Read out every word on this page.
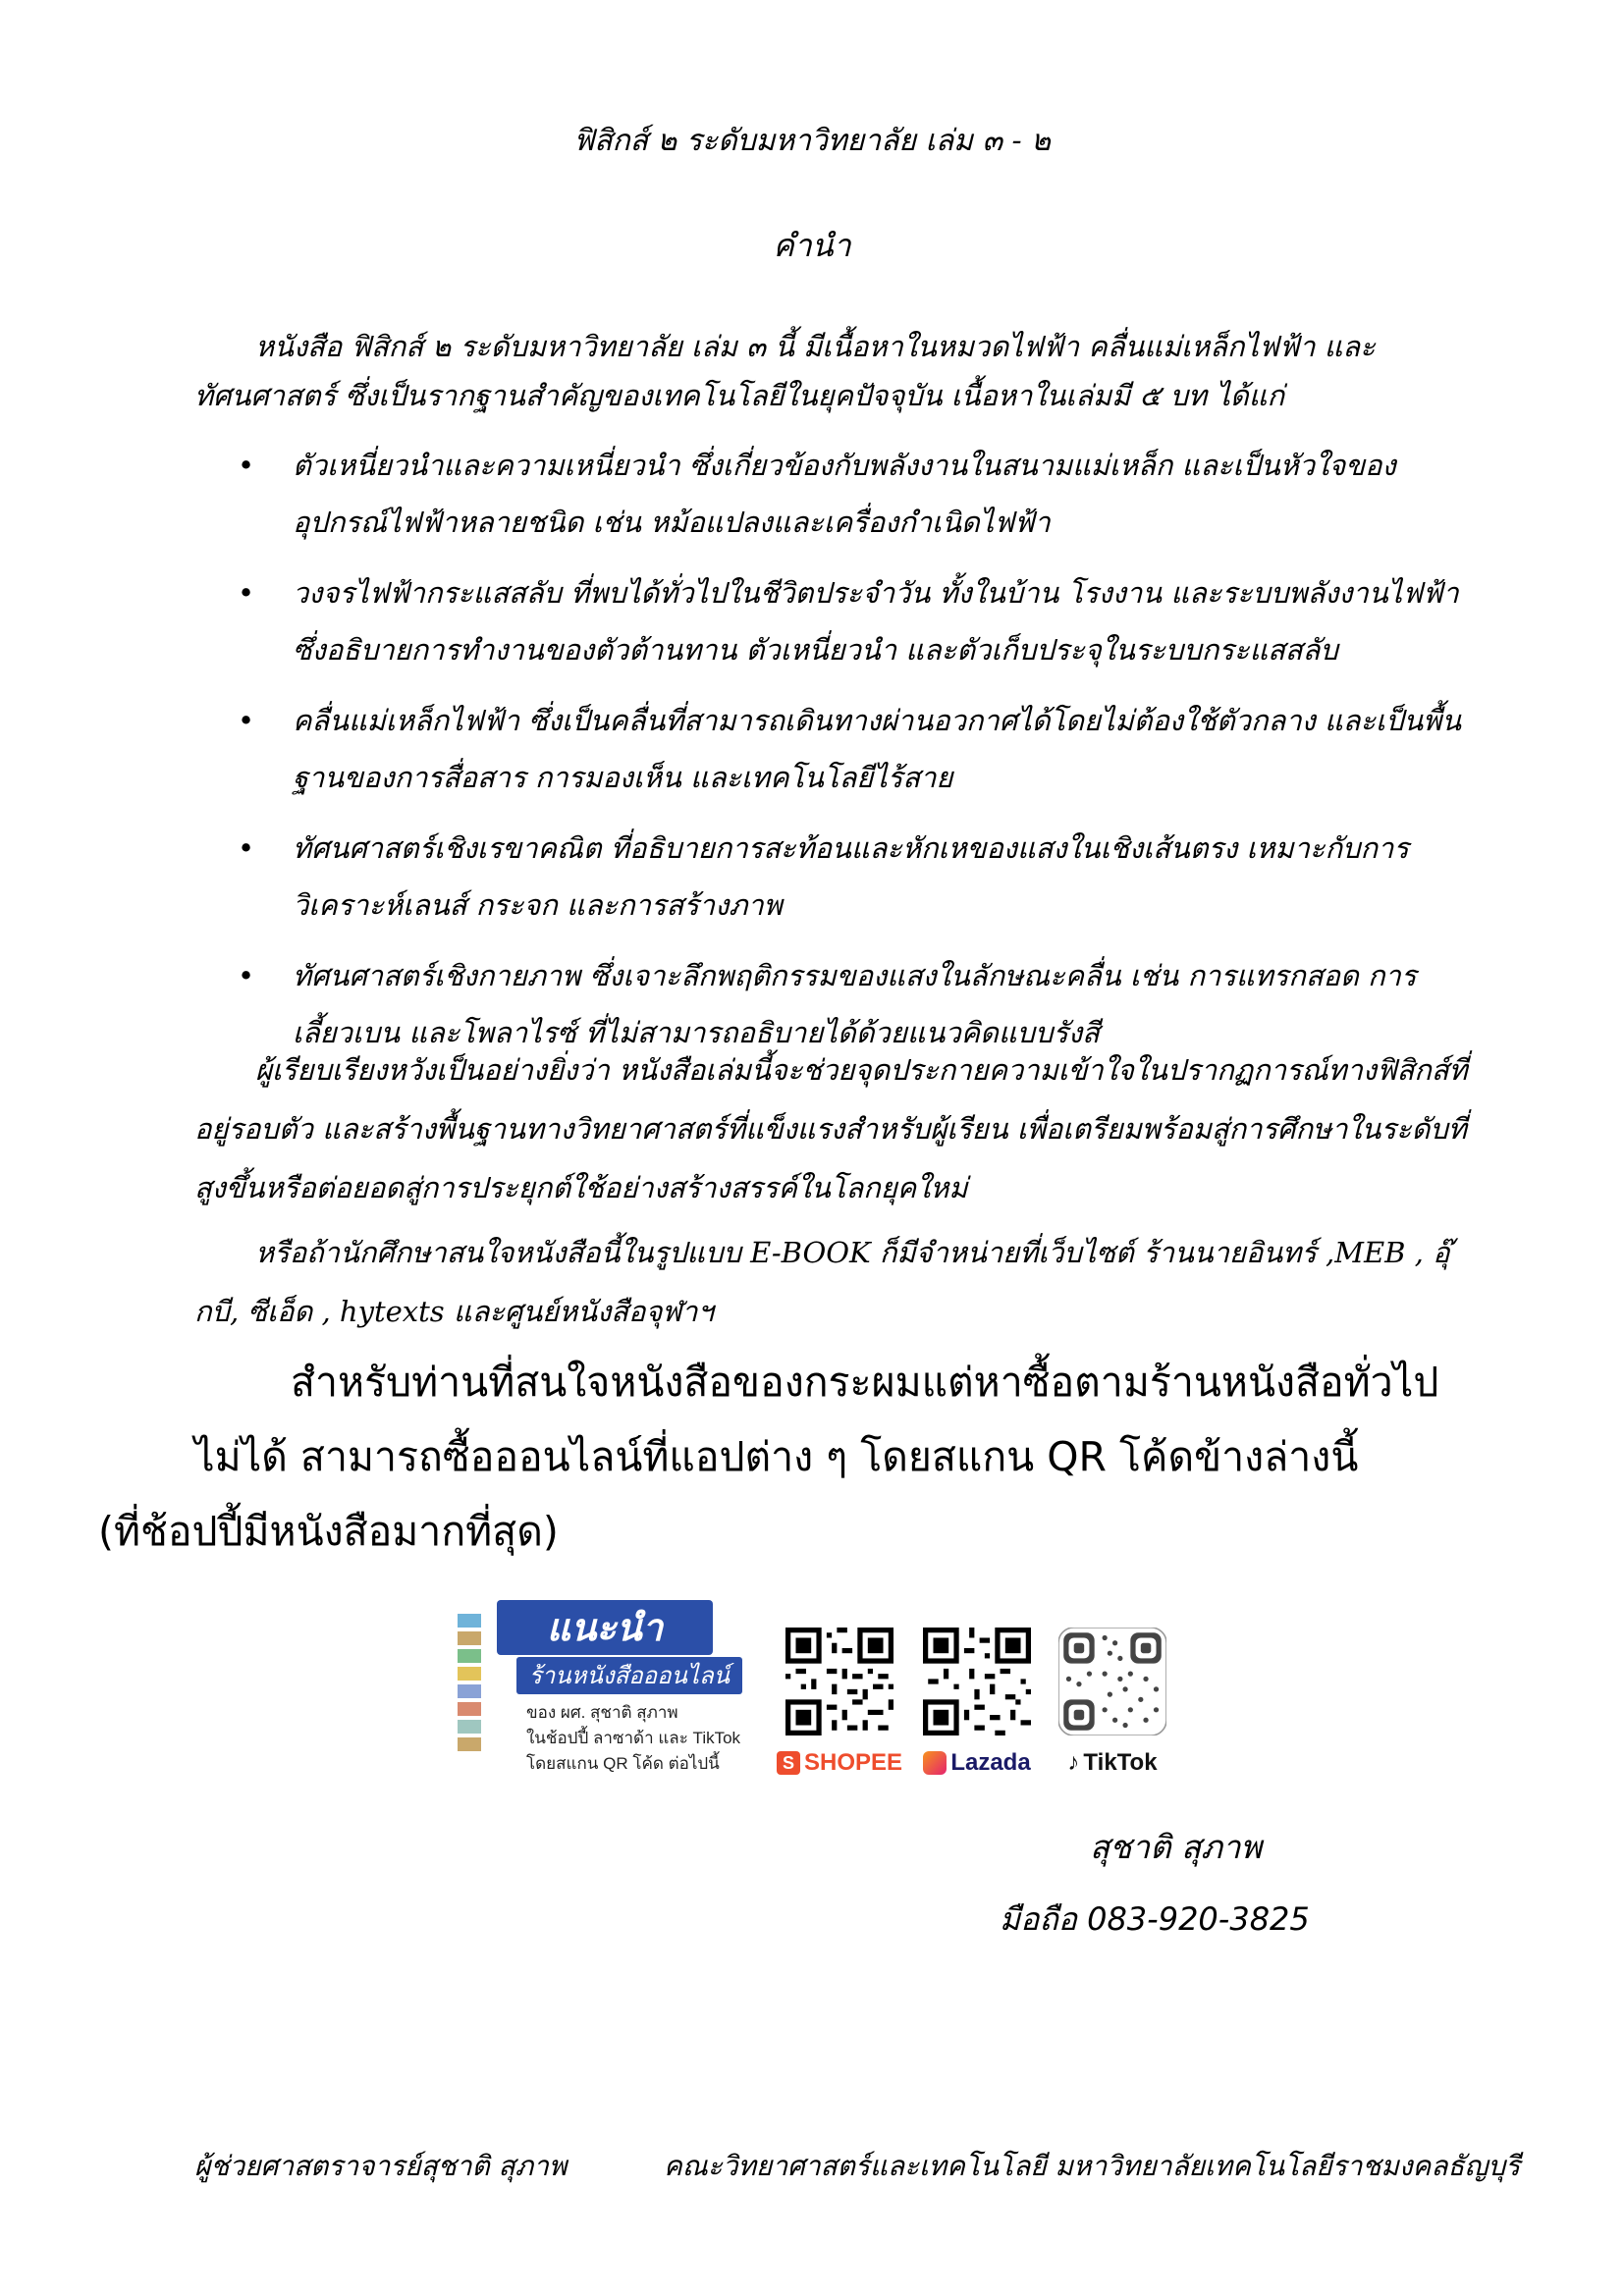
ฟิสิกส์ ๒ ระดับมหาวิทยาลัย เล่ม ๓ - ๒
คำนำ
หนังสือ ฟิสิกส์ ๒ ระดับมหาวิทยาลัย เล่ม ๓ นี้ มีเนื้อหาในหมวดไฟฟ้า คลื่นแม่เหล็กไฟฟ้า และทัศนศาสตร์ ซึ่งเป็นรากฐานสำคัญของเทคโนโลยีในยุคปัจจุบัน เนื้อหาในเล่มมี ๕ บท ได้แก่
• ตัวเหนี่ยวนำและความเหนี่ยวนำ ซึ่งเกี่ยวข้องกับพลังงานในสนามแม่เหล็ก และเป็นหัวใจของอุปกรณ์ไฟฟ้าหลายชนิด เช่น หม้อแปลงและเครื่องกำเนิดไฟฟ้า
• วงจรไฟฟ้ากระแสสลับ ที่พบได้ทั่วไปในชีวิตประจำวัน ทั้งในบ้าน โรงงาน และระบบพลังงานไฟฟ้า ซึ่งอธิบายการทำงานของตัวต้านทาน ตัวเหนี่ยวนำ และตัวเก็บประจุในระบบกระแสสลับ
• คลื่นแม่เหล็กไฟฟ้า ซึ่งเป็นคลื่นที่สามารถเดินทางผ่านอวกาศได้โดยไม่ต้องใช้ตัวกลาง และเป็นพื้นฐานของการสื่อสาร การมองเห็น และเทคโนโลยีไร้สาย
• ทัศนศาสตร์เชิงเรขาคณิต ที่อธิบายการสะท้อนและหักเหของแสงในเชิงเส้นตรง เหมาะกับการวิเคราะห์เลนส์ กระจก และการสร้างภาพ
• ทัศนศาสตร์เชิงกายภาพ ซึ่งเจาะลึกพฤติกรรมของแสงในลักษณะคลื่น เช่น การแทรกสอด การเลี้ยวเบน และโพลาไรซ์ ที่ไม่สามารถอธิบายได้ด้วยแนวคิดแบบรังสี
ผู้เรียบเรียงหวังเป็นอย่างยิ่งว่า หนังสือเล่มนี้จะช่วยจุดประกายความเข้าใจในปรากฏการณ์ทางฟิสิกส์ที่อยู่รอบตัว และสร้างพื้นฐานทางวิทยาศาสตร์ที่แข็งแรงสำหรับผู้เรียน เพื่อเตรียมพร้อมสู่การศึกษาในระดับที่สูงขึ้นหรือต่อยอดสู่การประยุกต์ใช้อย่างสร้างสรรค์ในโลกยุคใหม่
หรือถ้านักศึกษาสนใจหนังสือนี้ในรูปแบบ E-BOOK ก็มีจำหน่ายที่เว็บไซต์ ร้านนายอินทร์ ,MEB , อุ๊กบี, ซีเอ็ด , hytexts และศูนย์หนังสือจุฬาฯ
สำหรับท่านที่สนใจหนังสือของกระผมแต่หาซื้อตามร้านหนังสือทั่วไปไม่ได้ สามารถซื้อออนไลน์ที่แอปต่าง ๆ โดยสแกน QR โค้ดข้างล่างนี้
(ที่ช้อปปี้มีหนังสือมากที่สุด)
แนะนำ
ร้านหนังสือออนไลน์
ของ ผศ. สุชาติ สุภาพ
ในช้อปปี้ ลาซาด้า และ TikTok
โดยสแกน QR โค้ด ต่อไปนี้	S SHOPEE Lazada ♪ TikTok
สุชาติ สุภาพ
มือถือ 083-920-3825
ผู้ช่วยศาสตราจารย์สุชาติ สุภาพ	คณะวิทยาศาสตร์และเทคโนโลยี มหาวิทยาลัยเทคโนโลยีราชมงคลธัญบุรี
